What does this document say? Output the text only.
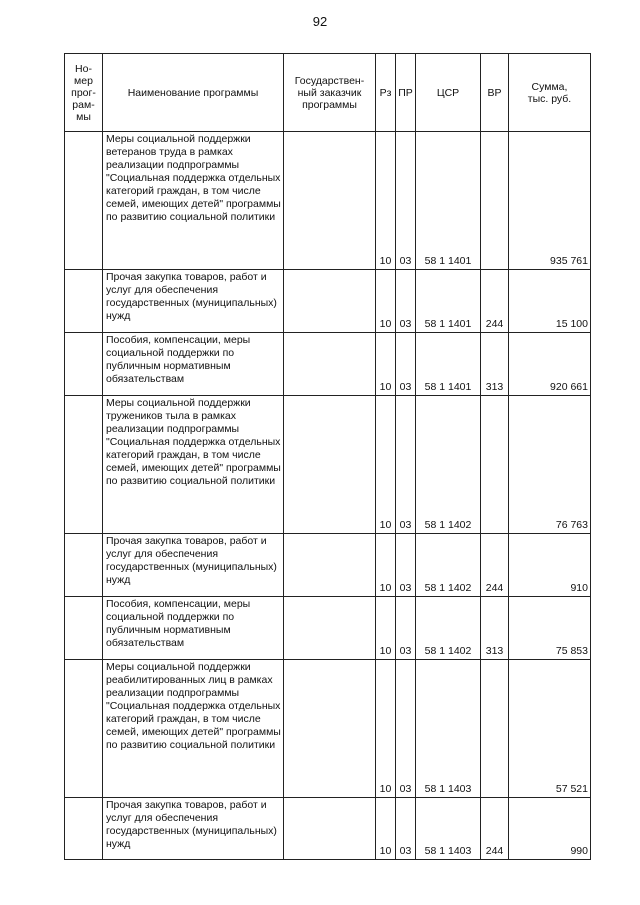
92
Но-
мер
прог-
рам-
мы	Наименование программы	Государствен-
ный заказчик
программы	Рз	ПР	ЦСР	ВР	Сумма,
тыс. руб.
	Меры социальной поддержки ветеранов труда в рамках реализации подпрограммы "Социальная поддержка отдельных категорий граждан, в том числе семей, имеющих детей" программы по развитию социальной политики		10	03	58 1 1401		935 761
	Прочая закупка товаров, работ и услуг для обеспечения государственных (муниципальных) нужд		10	03	58 1 1401	244	15 100
	Пособия, компенсации, меры социальной поддержки по публичным нормативным обязательствам		10	03	58 1 1401	313	920 661
	Меры социальной поддержки тружеников тыла в рамках реализации подпрограммы "Социальная поддержка отдельных категорий граждан, в том числе семей, имеющих детей" программы по развитию социальной политики		10	03	58 1 1402		76 763
	Прочая закупка товаров, работ и услуг для обеспечения государственных (муниципальных) нужд		10	03	58 1 1402	244	910
	Пособия, компенсации, меры социальной поддержки по публичным нормативным обязательствам		10	03	58 1 1402	313	75 853
	Меры социальной поддержки реабилитированных лиц в рамках реализации подпрограммы "Социальная поддержка отдельных категорий граждан, в том числе семей, имеющих детей" программы по развитию социальной политики		10	03	58 1 1403		57 521
	Прочая закупка товаров, работ и услуг для обеспечения государственных (муниципальных) нужд		10	03	58 1 1403	244	990
